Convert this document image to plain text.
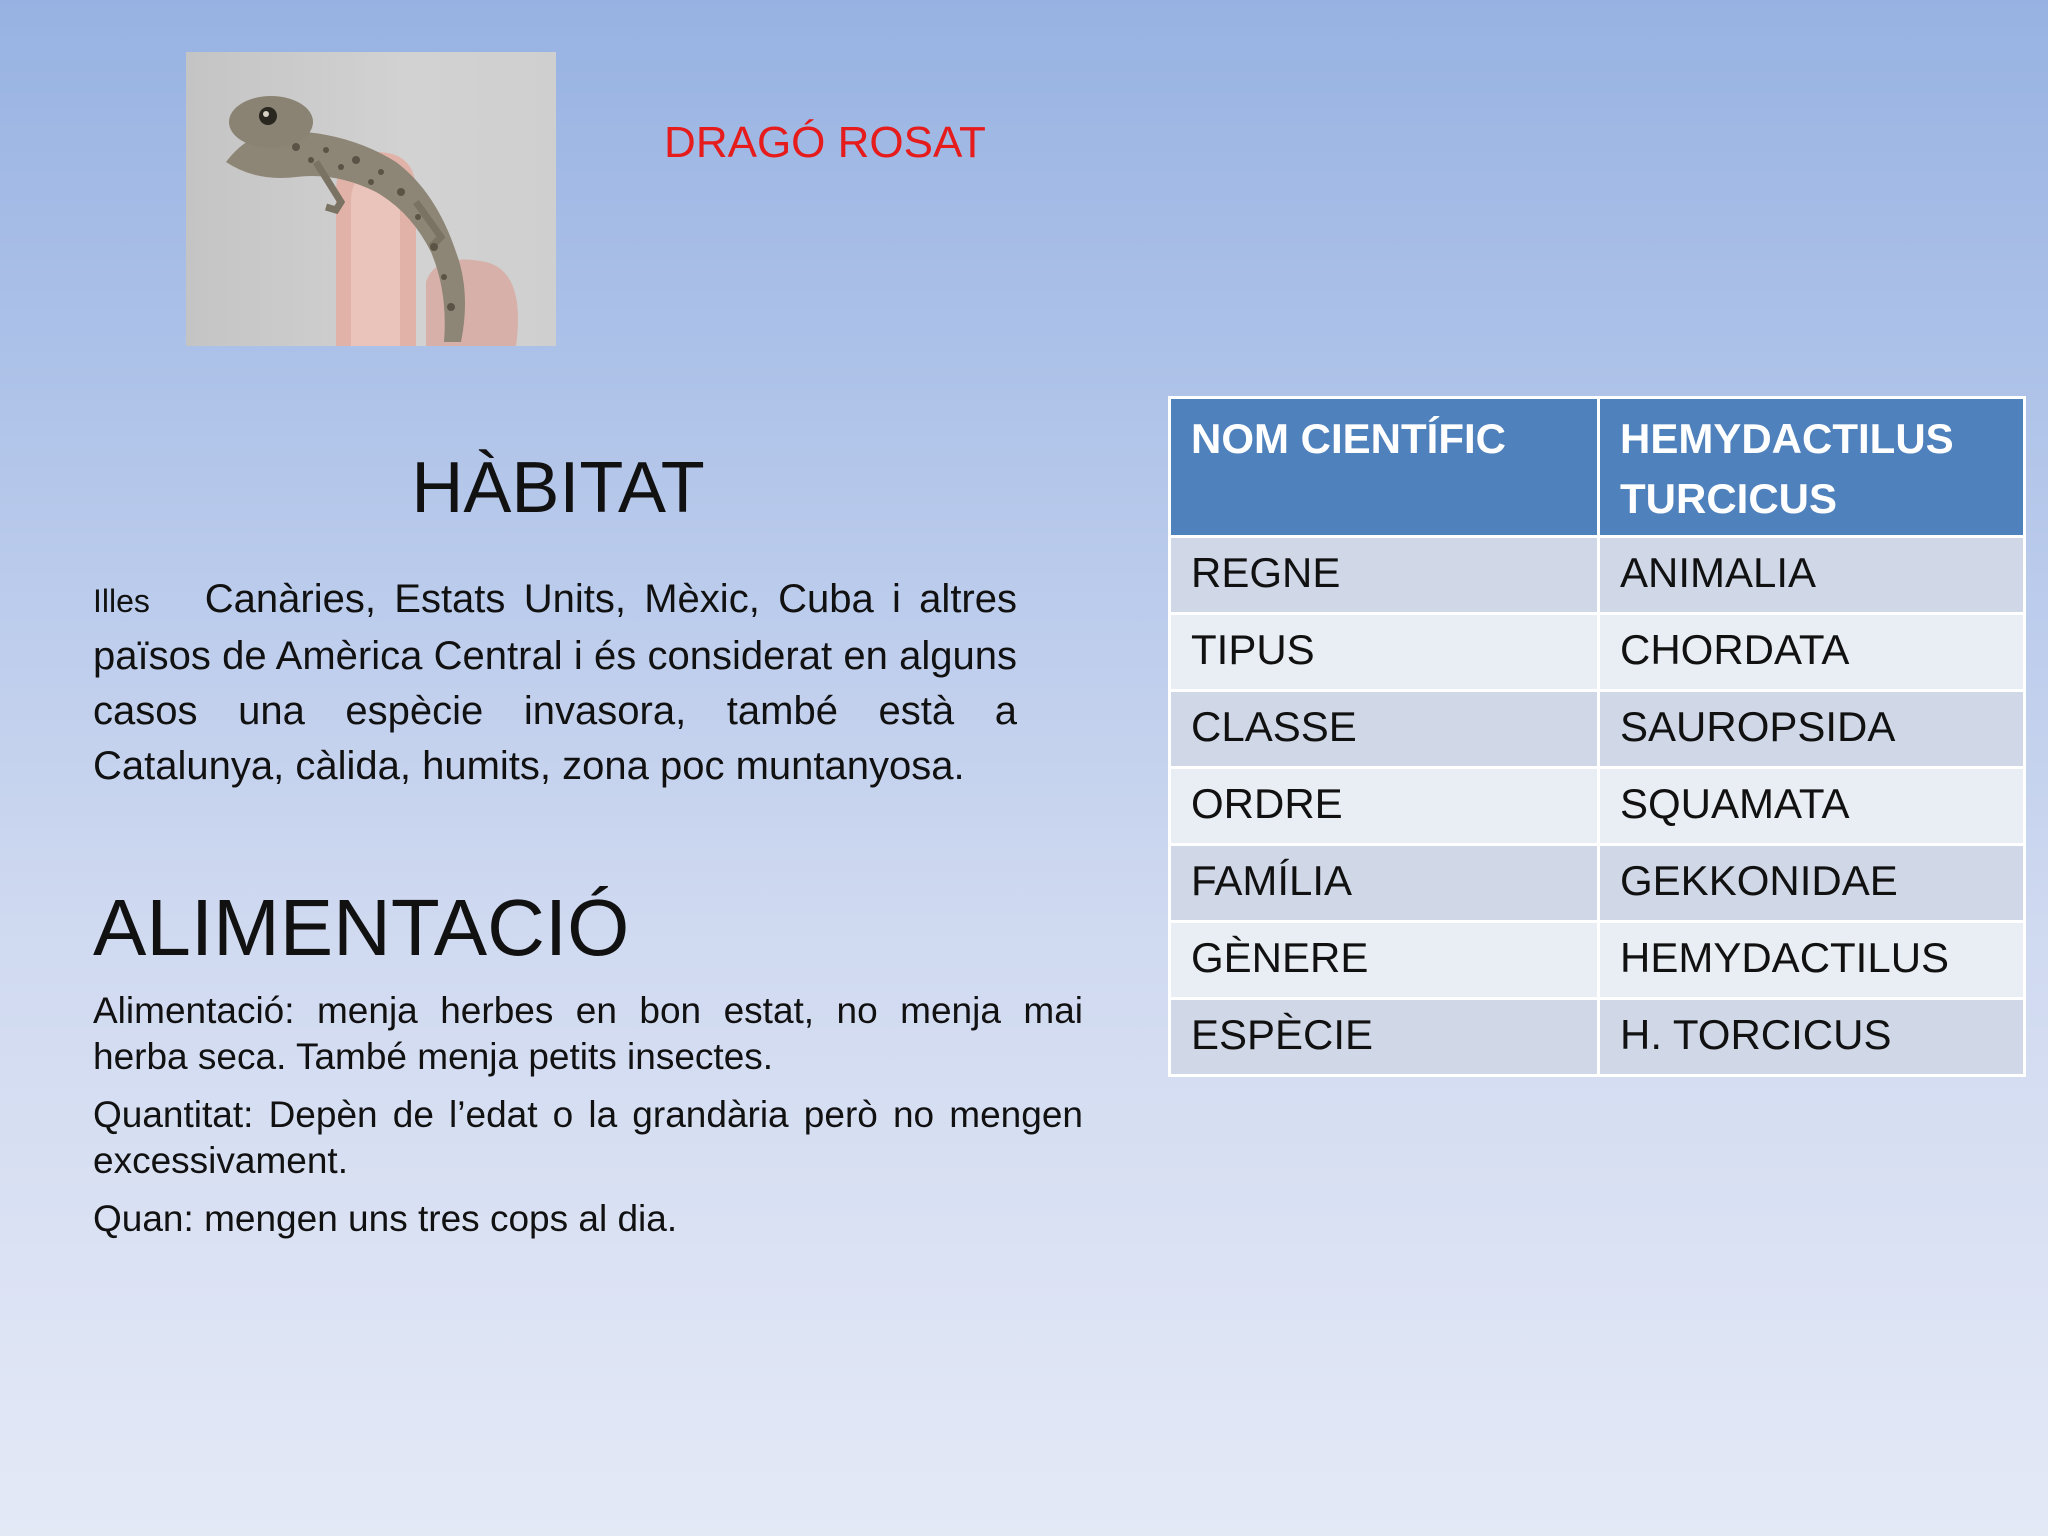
DRAGÓ ROSAT
HÀBITAT

Illes Canàries, Estats Units, Mèxic, Cuba i altres països de Amèrica Central i és considerat en alguns casos una espècie invasora, també està a Catalunya, càlida, humits, zona poc muntanyosa.

ALIMENTACIÓ

Alimentació: menja herbes en bon estat, no menja mai herba seca. També menja petits insectes.

Quantitat: Depèn de l’edat o la grandària però no mengen excessivament.

Quan: mengen uns tres cops al dia.

NOM CIENTÍFIC	HEMYDACTILUS TURCICUS
REGNE	ANIMALIA
TIPUS	CHORDATA
CLASSE	SAUROPSIDA
ORDRE	SQUAMATA
FAMÍLIA	GEKKONIDAE
GÈNERE	HEMYDACTILUS
ESPÈCIE	H. TORCICUS
